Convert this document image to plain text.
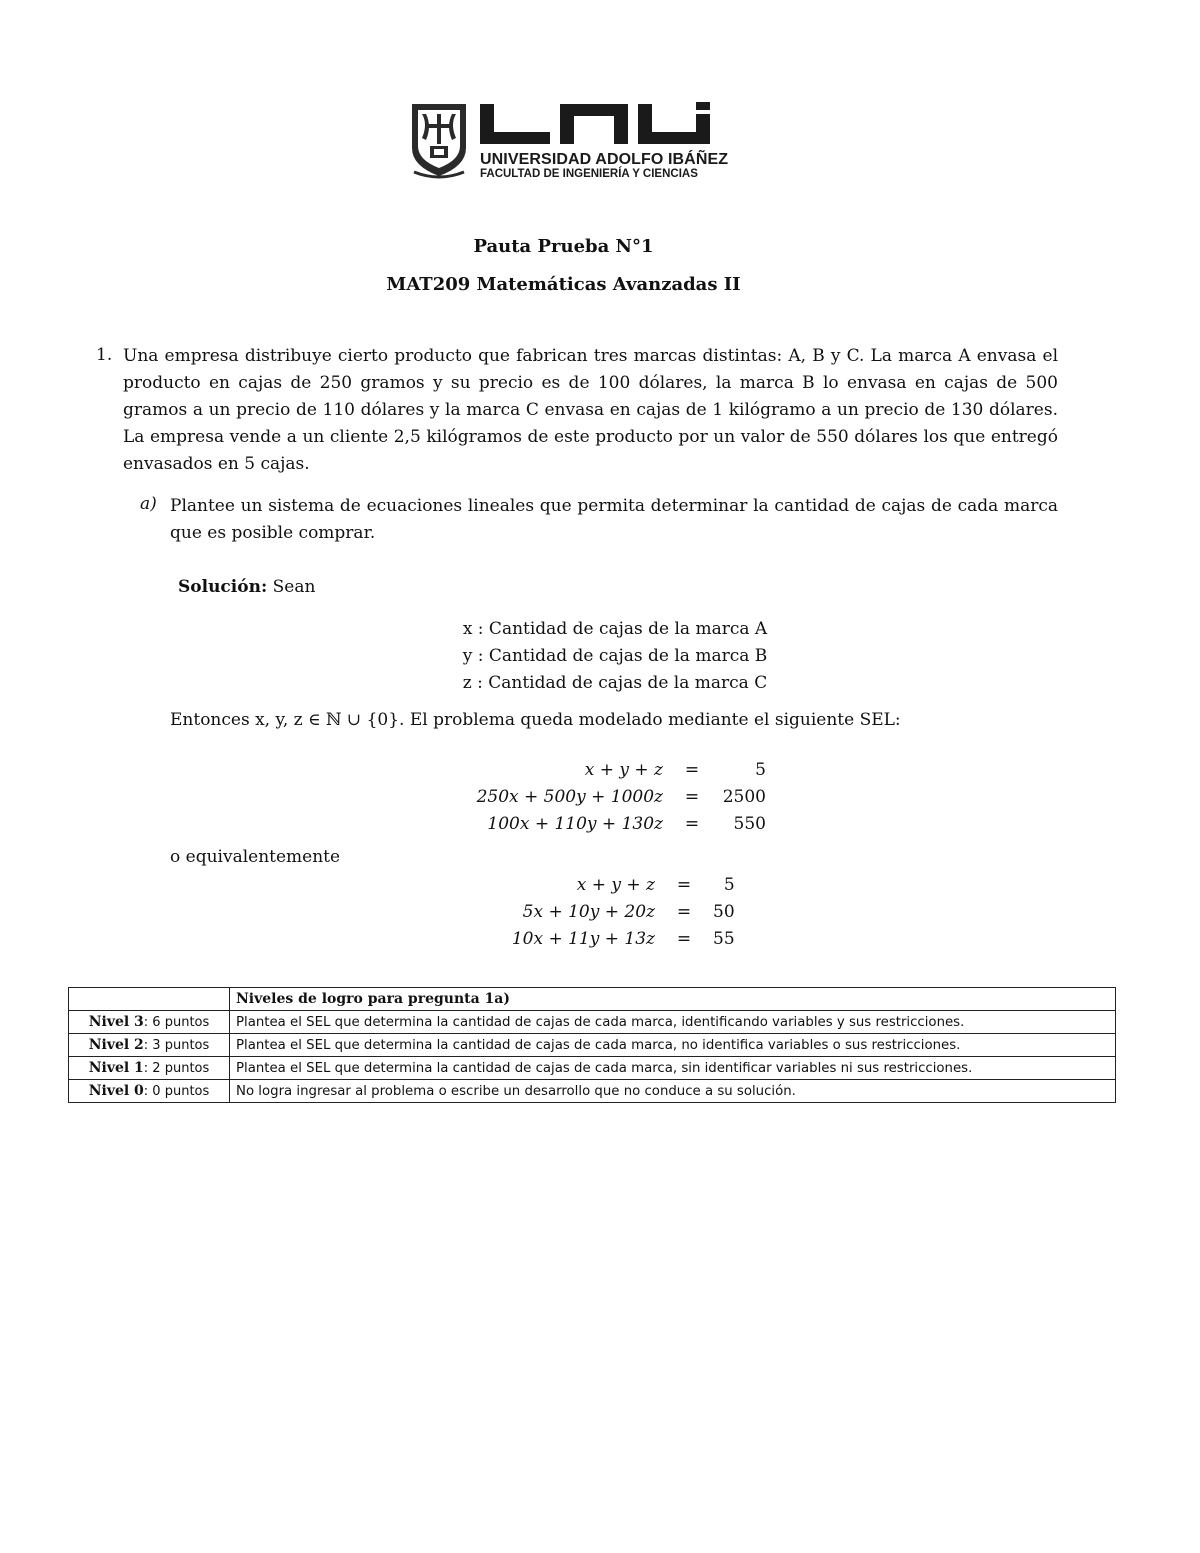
UNIVERSIDAD ADOLFO IBÁÑEZ
FACULTAD DE INGENIERÍA Y CIENCIAS
Pauta Prueba N°1
MAT209 Matemáticas Avanzadas II
1. Una empresa distribuye cierto producto que fabrican tres marcas distintas: A, B y C. La marca A envasa el producto en cajas de 250 gramos y su precio es de 100 dólares, la marca B lo envasa en cajas de 500 gramos a un precio de 110 dólares y la marca C envasa en cajas de 1 kilógramo a un precio de 130 dólares. La empresa vende a un cliente 2,5 kilógramos de este producto por un valor de 550 dólares los que entregó envasados en 5 cajas.
a) Plantee un sistema de ecuaciones lineales que permita determinar la cantidad de cajas de cada marca que es posible comprar.
Solución: Sean
x : Cantidad de cajas de la marca A
y : Cantidad de cajas de la marca B
z : Cantidad de cajas de la marca C
Entonces x, y, z ∈ ℕ ∪ {0}. El problema queda modelado mediante el siguiente SEL:
x + y + z	=	5
250x + 500y + 1000z	=	2500
100x + 110y + 130z	=	550
o equivalentemente
x + y + z	=	5
5x + 10y + 20z	=	50
10x + 11y + 13z	=	55
	Niveles de logro para pregunta 1a)
Nivel 3: 6 puntos	Plantea el SEL que determina la cantidad de cajas de cada marca, identificando variables y sus restricciones.
Nivel 2: 3 puntos	Plantea el SEL que determina la cantidad de cajas de cada marca, no identifica variables o sus restricciones.
Nivel 1: 2 puntos	Plantea el SEL que determina la cantidad de cajas de cada marca, sin identificar variables ni sus restricciones.
Nivel 0: 0 puntos	No logra ingresar al problema o escribe un desarrollo que no conduce a su solución.
